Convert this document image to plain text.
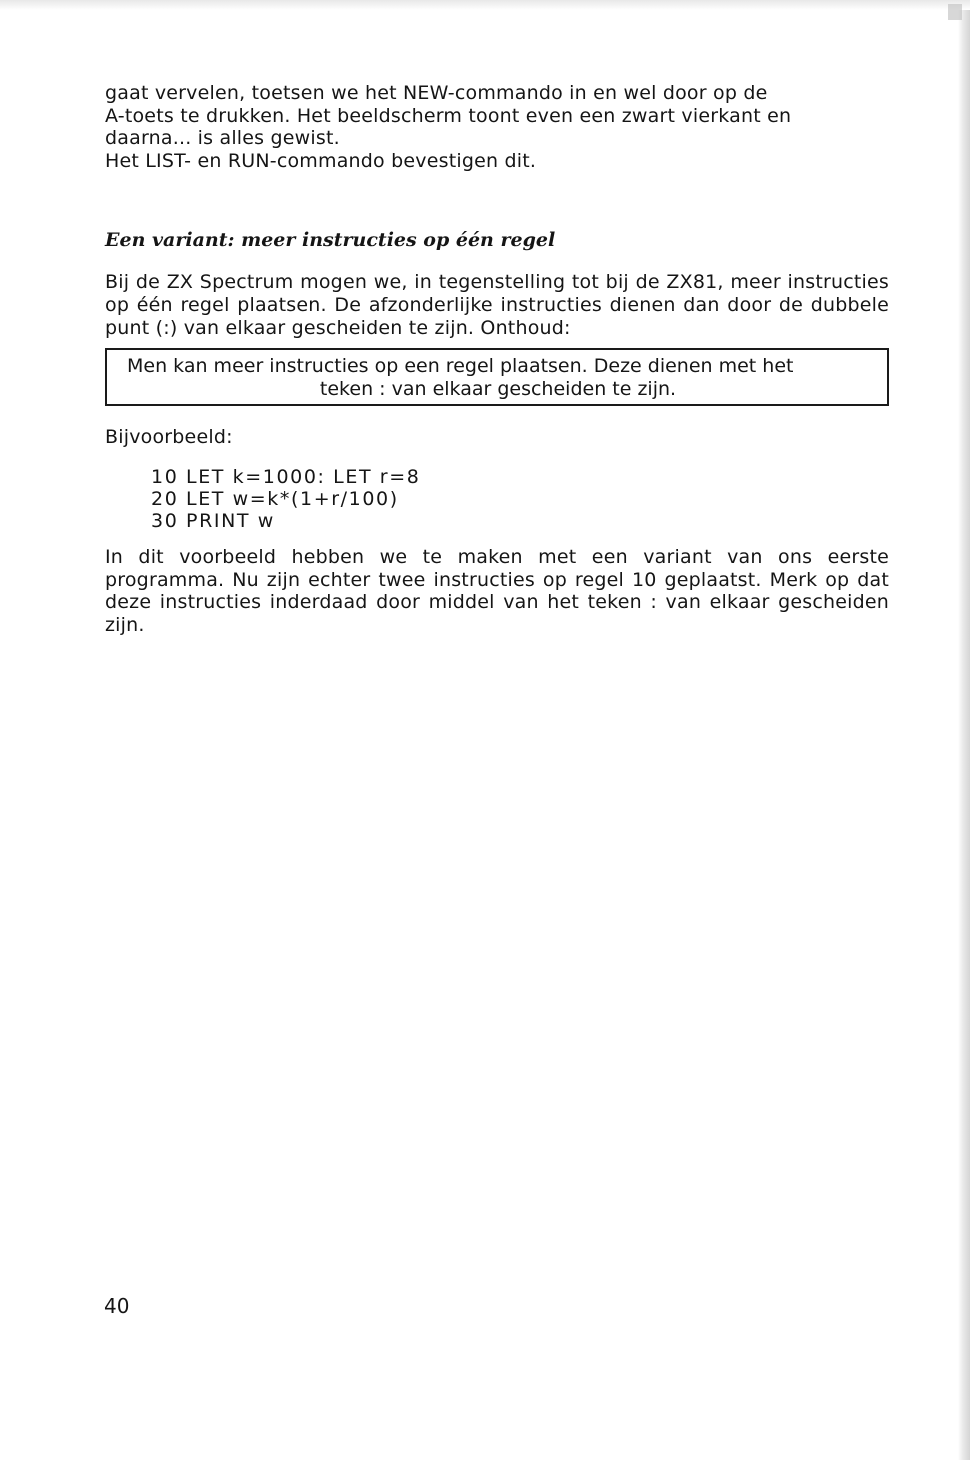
gaat vervelen, toetsen we het NEW-commando in en wel door op de

A-toets te drukken. Het beeldscherm toont even een zwart vierkant en

daarna... is alles gewist.

Het LIST- en RUN-commando bevestigen dit.

Een variant: meer instructies op één regel

Bij de ZX Spectrum mogen we, in tegenstelling tot bij de ZX81, meer instructies op één regel plaatsen. De afzonderlijke instructies dienen dan door de dubbele punt (:) van elkaar gescheiden te zijn. Onthoud:

Men kan meer instructies op een regel plaatsen. Deze dienen met het
teken : van elkaar gescheiden te zijn.

Bijvoorbeeld:

10 LET k=1000: LET r=8
20 LET w=k*(1+r/100)
30 PRINT w

In dit voorbeeld hebben we te maken met een variant van ons eerste programma. Nu zijn echter twee instructies op regel 10 geplaatst. Merk op dat deze instructies inderdaad door middel van het teken : van elkaar gescheiden zijn.

40
